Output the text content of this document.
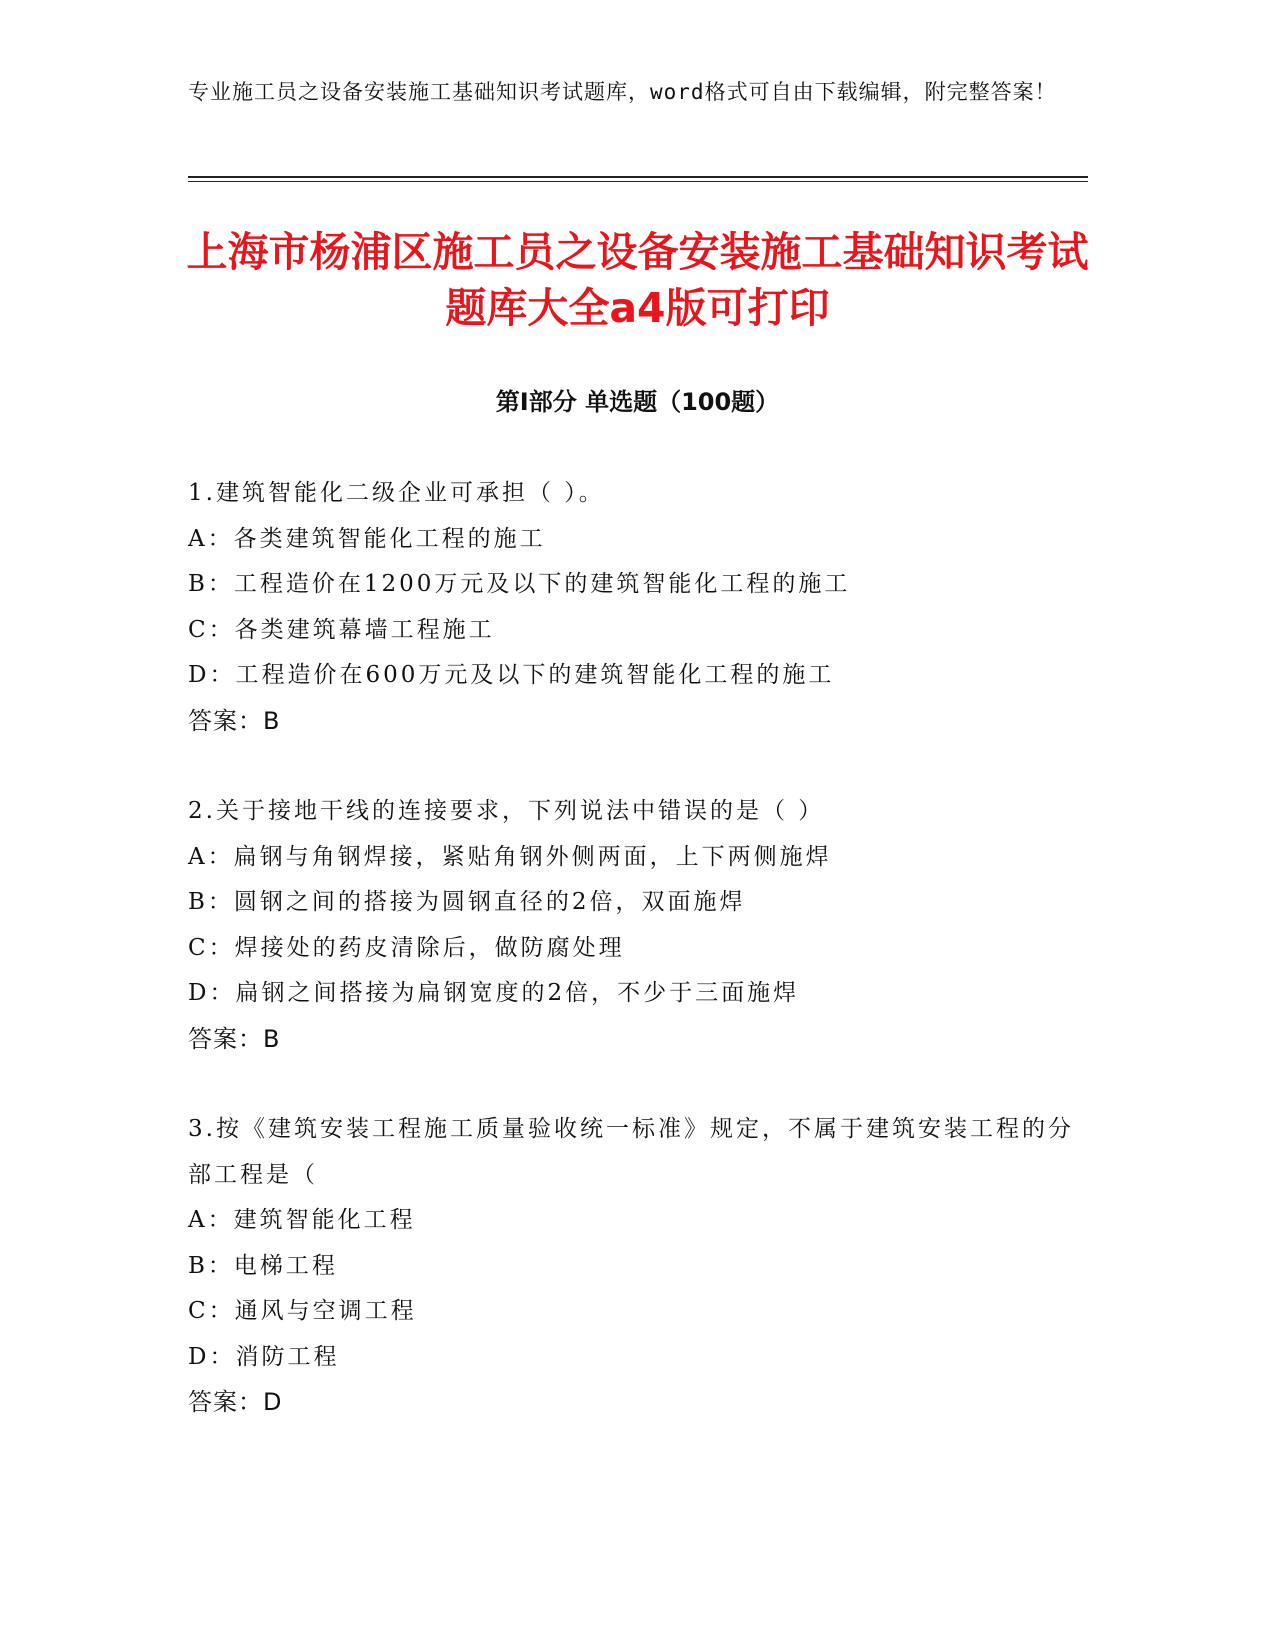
专业施工员之设备安装施工基础知识考试题库，word格式可自由下载编辑，附完整答案！
上海市杨浦区施工员之设备安装施工基础知识考试题库大全a4版可打印
第Ⅰ部分 单选题（100题）
1.建筑智能化二级企业可承担（ ）。
A：各类建筑智能化工程的施工
B：工程造价在1200万元及以下的建筑智能化工程的施工
C：各类建筑幕墙工程施工
D：工程造价在600万元及以下的建筑智能化工程的施工
答案：B
2.关于接地干线的连接要求，下列说法中错误的是（ ）
A：扁钢与角钢焊接，紧贴角钢外侧两面，上下两侧施焊
B：圆钢之间的搭接为圆钢直径的2倍，双面施焊
C：焊接处的药皮清除后，做防腐处理
D：扁钢之间搭接为扁钢宽度的2倍，不少于三面施焊
答案：B
3.按《建筑安装工程施工质量验收统一标准》规定，不属于建筑安装工程的分部工程是（
A：建筑智能化工程
B：电梯工程
C：通风与空调工程
D：消防工程
答案：D
